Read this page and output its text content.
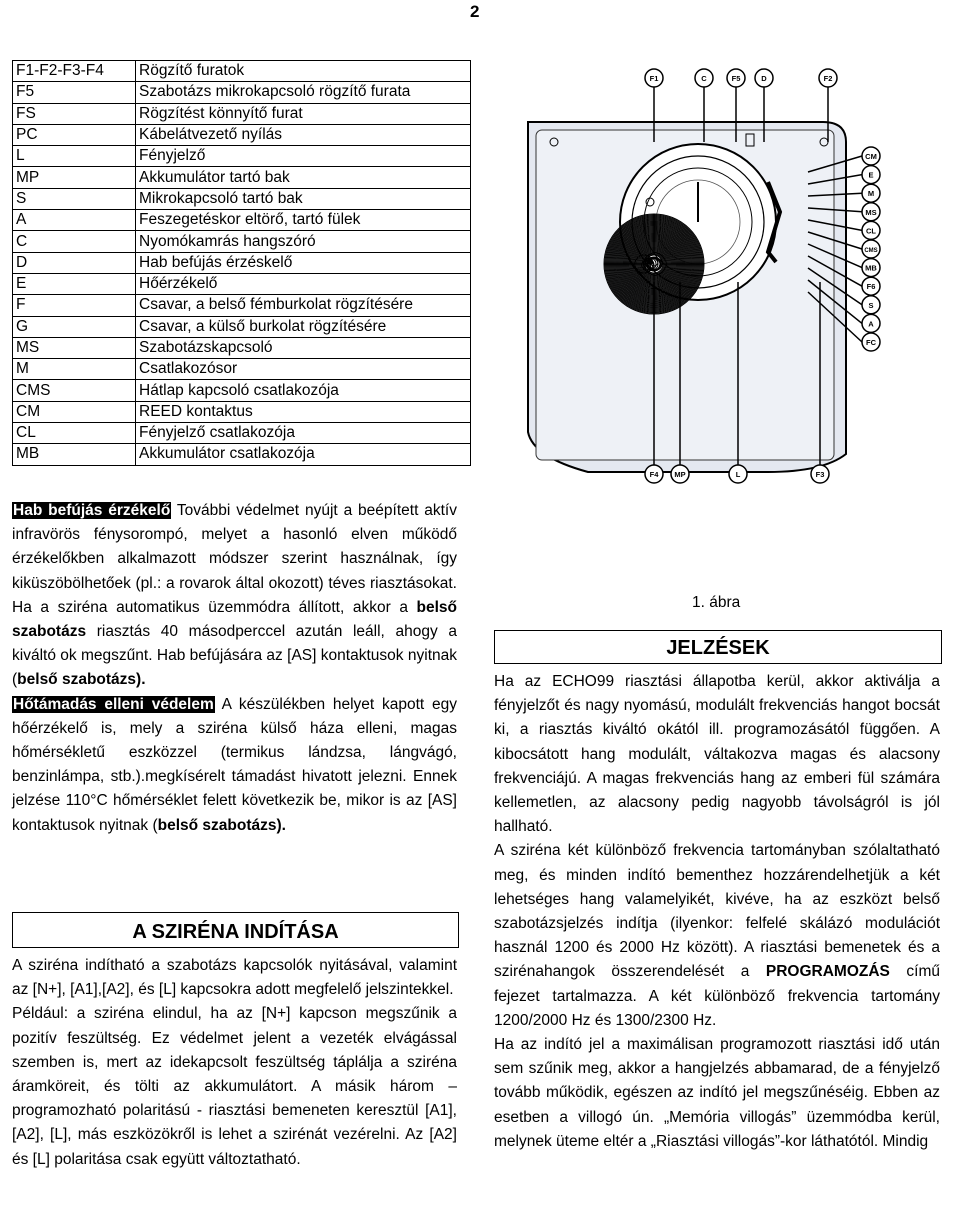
2
F1-F2-F3-F4	Rögzítő furatok
F5	Szabotázs mikrokapcsoló rögzítő furata
FS	Rögzítést könnyítő furat
PC	Kábelátvezető nyílás
L	Fényjelző
MP	Akkumulátor tartó bak
S	Mikrokapcsoló tartó bak
A	Feszegetéskor eltörő, tartó fülek
C	Nyomókamrás hangszóró
D	Hab befújás érzéskelő
E	Hőérzékelő
F	Csavar, a belső fémburkolat rögzítésére
G	Csavar, a külső burkolat rögzítésére
MS	Szabotázskapcsoló
M	Csatlakozósor
CMS	Hátlap kapcsoló csatlakozója
CM	REED kontaktus
CL	Fényjelző csatlakozója
MB	Akkumulátor csatlakozója
F1	C	F5	D	F2
CM
E
M
MS
CL
CMS
MB
F6
S
A
FC
F4 MP	L	F3
1. ábra

Hab befújás érzékelő További védelmet nyújt a beépített aktív infravörös fénysorompó, melyet a hasonló elven működő érzékelőkben alkalmazott módszer szerint használnak, így kiküszöbölhetőek (pl.: a rovarok által okozott) téves riasztásokat. Ha a sziréna automatikus üzemmódra állított, akkor a belső szabotázs riasztás 40 másodperccel azután leáll, ahogy a kiváltó ok megszűnt. Hab befújására az [AS] kontaktusok nyitnak (belső szabotázs).

Hőtámadás elleni védelem A készülékben helyet kapott egy hőérzékelő is, mely a sziréna külső háza elleni, magas hőmérsékletű eszközzel (termikus lándzsa, lángvágó, benzinlámpa, stb.).megkísérelt támadást hivatott jelezni. Ennek jelzése 110°C hőmérséklet felett következik be, mikor is az [AS] kontaktusok nyitnak (belső szabotázs).

A SZIRÉNA INDÍTÁSA

A sziréna indítható a szabotázs kapcsolók nyitásával, valamint az [N+], [A1],[A2], és [L] kapcsokra adott megfelelő jelszintekkel.

Például: a sziréna elindul, ha az [N+] kapcson megszűnik a pozitív feszültség. Ez védelmet jelent a vezeték elvágással szemben is, mert az idekapcsolt feszültség táplálja a sziréna áramköreit, és tölti az akkumulátort. A másik három – programozható polaritású - riasztási bemeneten keresztül [A1], [A2], [L], más eszközökről is lehet a szirénát vezérelni. Az [A2] és [L] polaritása csak együtt változtatható.

JELZÉSEK

Ha az ECHO99 riasztási állapotba kerül, akkor aktiválja a fényjelzőt és nagy nyomású, modulált frekvenciás hangot bocsát ki, a riasztás kiváltó okától ill. programozásától függően. A kibocsátott hang modulált, váltakozva magas és alacsony frekvenciájú. A magas frekvenciás hang az emberi fül számára kellemetlen, az alacsony pedig nagyobb távolságról is jól hallható.

A sziréna két különböző frekvencia tartományban szólaltatható meg, és minden indító bementhez hozzárendelhetjük a két lehetséges hang valamelyikét, kivéve, ha az eszközt belső szabotázsjelzés indítja (ilyenkor: felfelé skálázó modulációt használ 1200 és 2000 Hz között). A riasztási bemenetek és a szirénahangok összerendelését a PROGRAMOZÁS című fejezet tartalmazza. A két különböző frekvencia tartomány 1200/2000 Hz és 1300/2300 Hz.

Ha az indító jel a maximálisan programozott riasztási idő után sem szűnik meg, akkor a hangjelzés abbamarad, de a fényjelző tovább működik, egészen az indító jel megszűnéséig. Ebben az esetben a villogó ún. „Memória villogás” üzemmódba kerül, melynek üteme eltér a „Riasztási villogás”-kor láthatótól. Mindig
